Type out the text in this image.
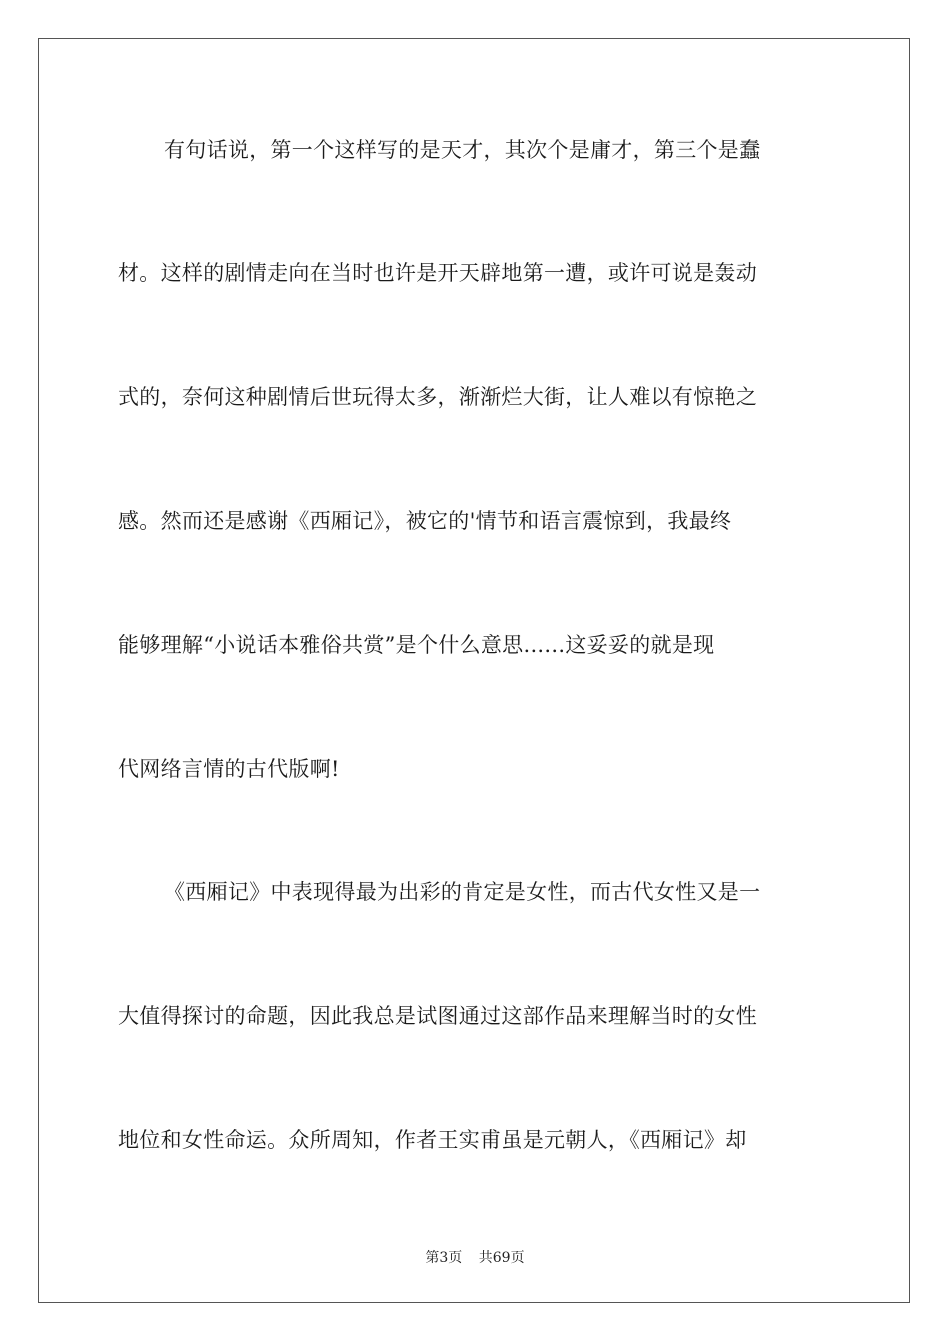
有句话说，第一个这样写的是天才，其次个是庸才，第三个是蠢
材。这样的剧情走向在当时也许是开天辟地第一遭，或许可说是轰动
式的，奈何这种剧情后世玩得太多，渐渐烂大街，让人难以有惊艳之
感。然而还是感谢《西厢记》，被它的'情节和语言震惊到，我最终
能够理解“小说话本雅俗共赏”是个什么意思......这妥妥的就是现
代网络言情的古代版啊!
《西厢记》中表现得最为出彩的肯定是女性，而古代女性又是一
大值得探讨的命题，因此我总是试图通过这部作品来理解当时的女性
地位和女性命运。众所周知，作者王实甫虽是元朝人，《西厢记》却
第3页 共69页
